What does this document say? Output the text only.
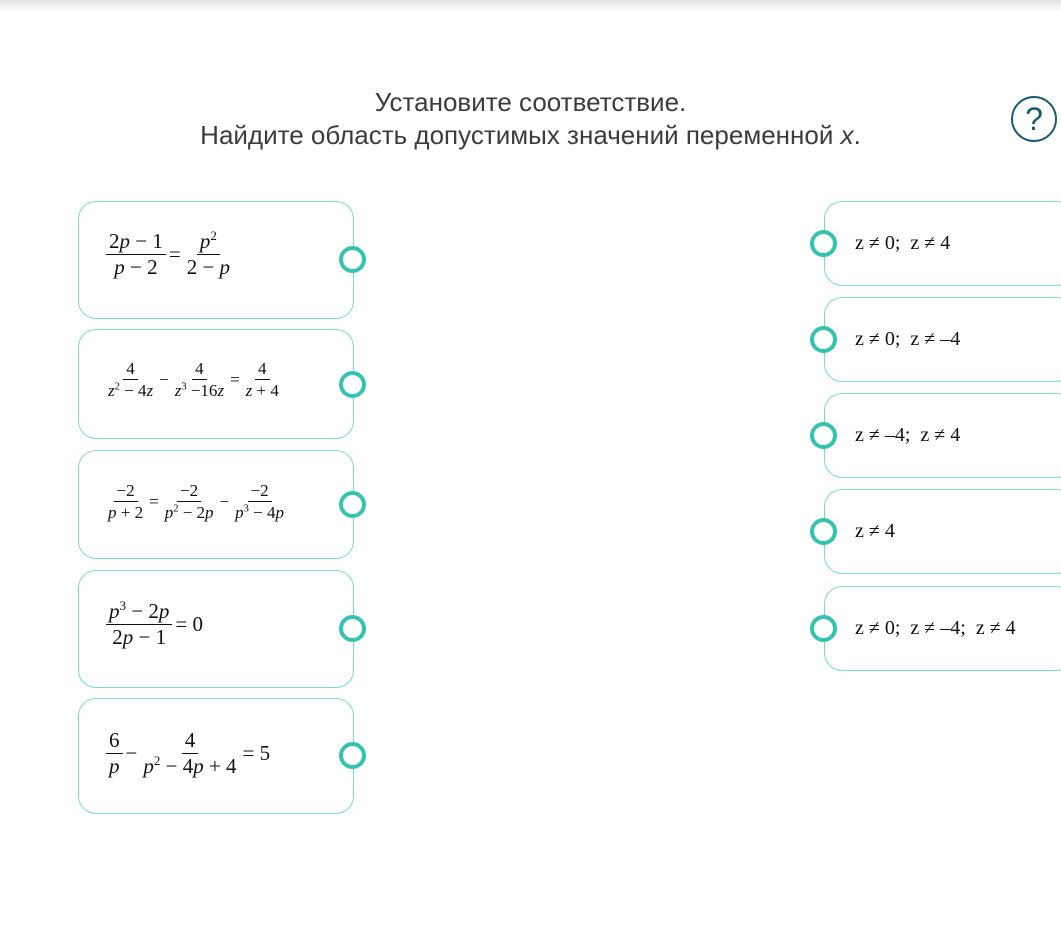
Установите соответствие.
Найдите область допустимых значений переменной x.	?
$\frac{2p - 1}{p - 2} = \frac{p^2}{2 - p}$
$\frac{4}{z^2 - 4z} - \frac{4}{z^3 -16z} = \frac{4}{z + 4}$
$\frac{-2}{p + 2} = \frac{-2}{p^2 - 2p} - \frac{-2}{p^3 - 4p}$
$\frac{p^3 - 2p}{2p - 1} = 0$
$\frac{6}{p} - \frac{4}{p^2 - 4p + 4} = 5$
z ≠ 0;  z ≠ 4
z ≠ 0;  z ≠ –4
z ≠ –4;  z ≠ 4
z ≠ 4
z ≠ 0;  z ≠ –4;  z ≠ 4
